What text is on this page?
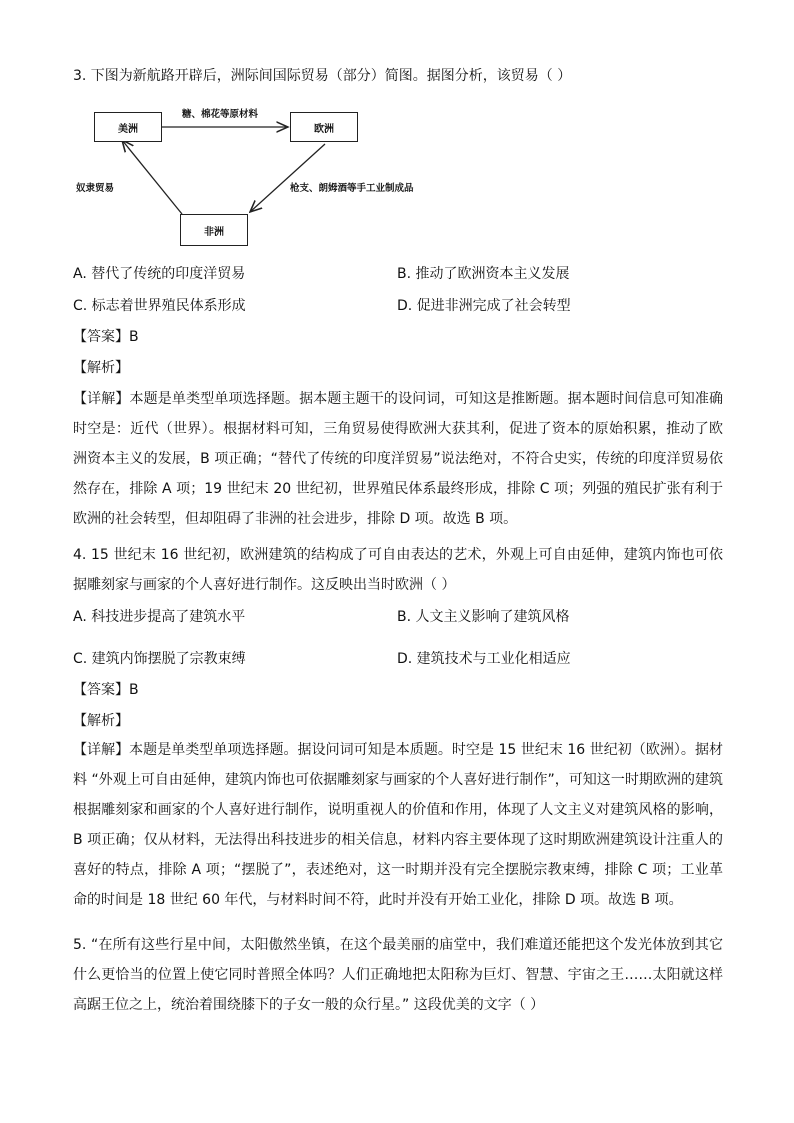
3. 下图为新航路开辟后，洲际间国际贸易（部分）简图。据图分析，该贸易（ ）
美洲	欧洲
非洲
糖、棉花等原材料
奴隶贸易	枪支、朗姆酒等手工业制成品
A. 替代了传统的印度洋贸易	B. 推动了欧洲资本主义发展
C. 标志着世界殖民体系形成	D. 促进非洲完成了社会转型
【答案】B
【解析】
【详解】本题是单类型单项选择题。据本题主题干的设问词，可知这是推断题。据本题时间信息可知准确时空是：近代（世界）。根据材料可知，三角贸易使得欧洲大获其利，促进了资本的原始积累，推动了欧洲资本主义的发展，B 项正确；“替代了传统的印度洋贸易”说法绝对，不符合史实，传统的印度洋贸易依然存在，排除 A 项；19 世纪末 20 世纪初，世界殖民体系最终形成，排除 C 项；列强的殖民扩张有利于欧洲的社会转型，但却阻碍了非洲的社会进步，排除 D 项。故选 B 项。
4. 15 世纪末 16 世纪初，欧洲建筑的结构成了可自由表达的艺术，外观上可自由延伸，建筑内饰也可依据雕刻家与画家的个人喜好进行制作。这反映出当时欧洲（ ）
A. 科技进步提高了建筑水平	B. 人文主义影响了建筑风格
C. 建筑内饰摆脱了宗教束缚	D. 建筑技术与工业化相适应
【答案】B
【解析】
【详解】本题是单类型单项选择题。据设问词可知是本质题。时空是 15 世纪末 16 世纪初（欧洲）。据材料 “外观上可自由延伸，建筑内饰也可依据雕刻家与画家的个人喜好进行制作”，可知这一时期欧洲的建筑根据雕刻家和画家的个人喜好进行制作，说明重视人的价值和作用，体现了人文主义对建筑风格的影响，B 项正确；仅从材料，无法得出科技进步的相关信息，材料内容主要体现了这时期欧洲建筑设计注重人的喜好的特点，排除 A 项；“摆脱了”，表述绝对，这一时期并没有完全摆脱宗教束缚，排除 C 项；工业革命的时间是 18 世纪 60 年代，与材料时间不符，此时并没有开始工业化，排除 D 项。故选 B 项。
5. “在所有这些行星中间，太阳傲然坐镇，在这个最美丽的庙堂中，我们难道还能把这个发光体放到其它什么更恰当的位置上使它同时普照全体吗？人们正确地把太阳称为巨灯、智慧、宇宙之王……太阳就这样高踞王位之上，统治着围绕膝下的子女一般的众行星。” 这段优美的文字（ ）
